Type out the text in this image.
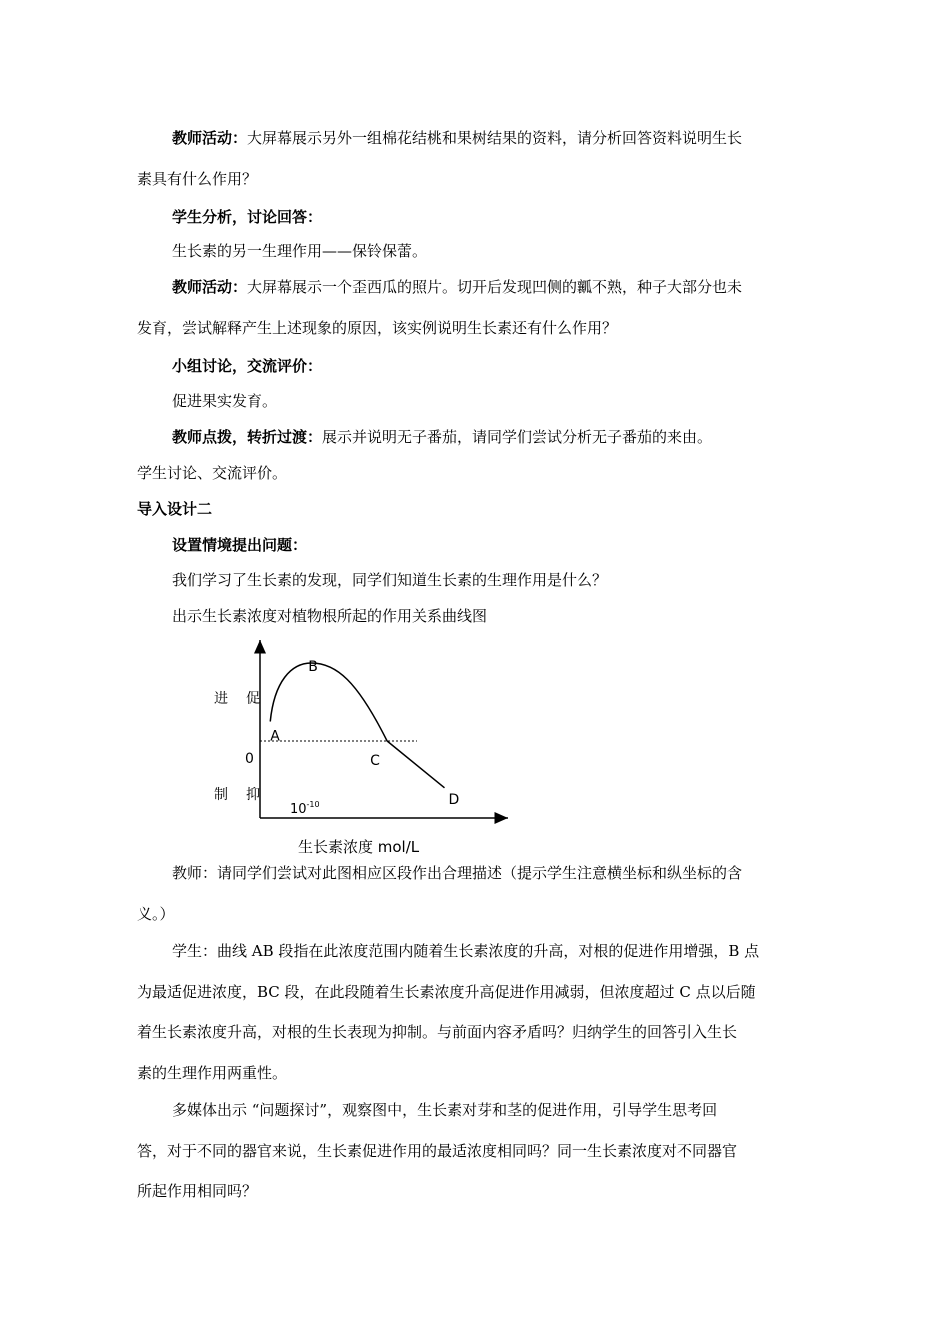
教师活动：大屏幕展示另外一组棉花结桃和果树结果的资料，请分析回答资料说明生长

素具有什么作用？

学生分析，讨论回答：

生长素的另一生理作用——保铃保蕾。

教师活动：大屏幕展示一个歪西瓜的照片。切开后发现凹侧的瓤不熟，种子大部分也未

发育，尝试解释产生上述现象的原因，该实例说明生长素还有什么作用？

小组讨论，交流评价：

促进果实发育。

教师点拨，转折过渡：展示并说明无子番茄，请同学们尝试分析无子番茄的来由。

学生讨论、交流评价。

导入设计二

设置情境提出问题：

我们学习了生长素的发现，同学们知道生长素的生理作用是什么？

出示生长素浓度对植物根所起的作用关系曲线图

进 促
0
制 抑
$10^{-10}$
A
B
C
D
生长素浓度 mol/L

教师：请同学们尝试对此图相应区段作出合理描述（提示学生注意横坐标和纵坐标的含

义。）

学生：曲线 AB 段指在此浓度范围内随着生长素浓度的升高，对根的促进作用增强，B 点

为最适促进浓度，BC 段，在此段随着生长素浓度升高促进作用减弱，但浓度超过 C 点以后随

着生长素浓度升高，对根的生长表现为抑制。与前面内容矛盾吗？归纳学生的回答引入生长

素的生理作用两重性。

多媒体出示 “问题探讨”，观察图中，生长素对芽和茎的促进作用，引导学生思考回

答，对于不同的器官来说，生长素促进作用的最适浓度相同吗？同一生长素浓度对不同器官

所起作用相同吗？
